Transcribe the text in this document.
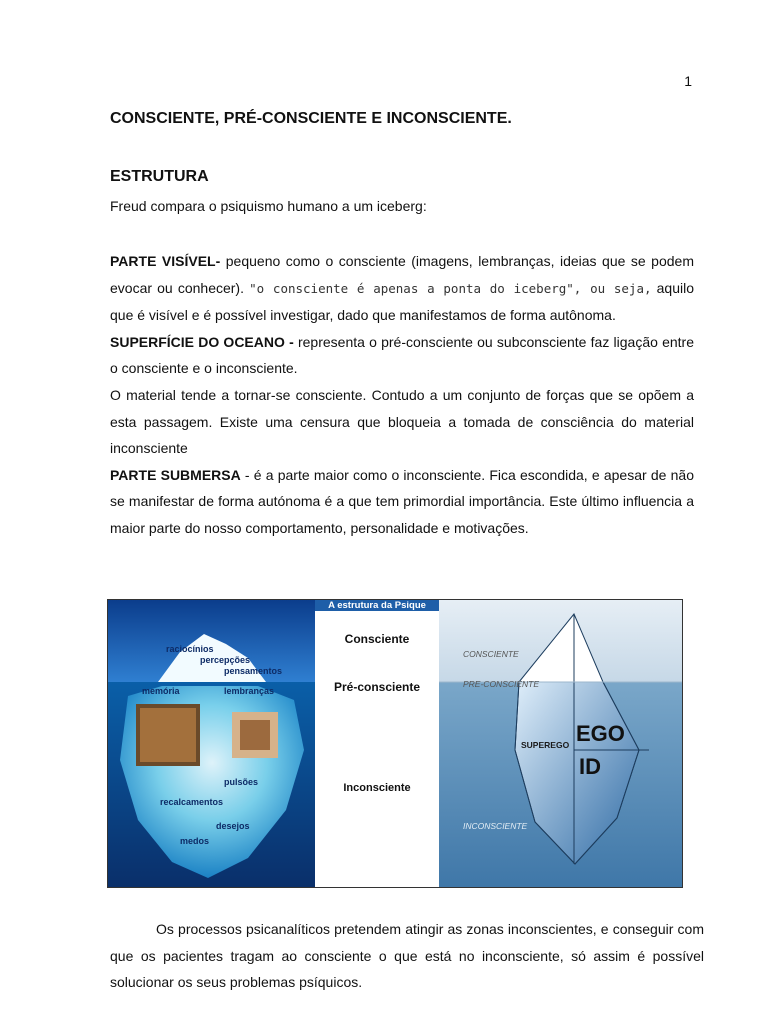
1
CONSCIENTE, PRÉ-CONSCIENTE E INCONSCIENTE.
ESTRUTURA

Freud compara o psiquismo humano a um iceberg:

PARTE VISÍVEL- pequeno como o consciente (imagens, lembranças, ideias que se podem evocar ou conhecer). "o consciente é apenas a ponta do iceberg", ou seja, aquilo que é visível e é possível investigar, dado que manifestamos de forma autônoma.

SUPERFÍCIE DO OCEANO - representa o pré-consciente ou subconsciente faz ligação entre o consciente e o inconsciente.

O material tende a tornar-se consciente. Contudo a um conjunto de forças que se opõem a esta passagem. Existe uma censura que bloqueia a tomada de consciência do material inconsciente

PARTE SUBMERSA - é a parte maior como o inconsciente. Fica escondida, e apesar de não se manifestar de forma autónoma é a que tem primordial importância. Este último influencia a maior parte do nosso comportamento, personalidade e motivações.

raciocínios
percepções
pensamentos
memória	lembranças
pulsões
recalcamentos
desejos
medos
Consciente
Pré-consciente
Inconsciente
A estrutura da Psique
CONSCIENTE
PRE-CONSCIENTE
SUPEREGO EGO
ID
INCONSCIENTE

Os processos psicanalíticos pretendem atingir as zonas inconscientes, e conseguir com que os pacientes tragam ao consciente o que está no inconsciente, só assim é possível solucionar os seus problemas psíquicos.
